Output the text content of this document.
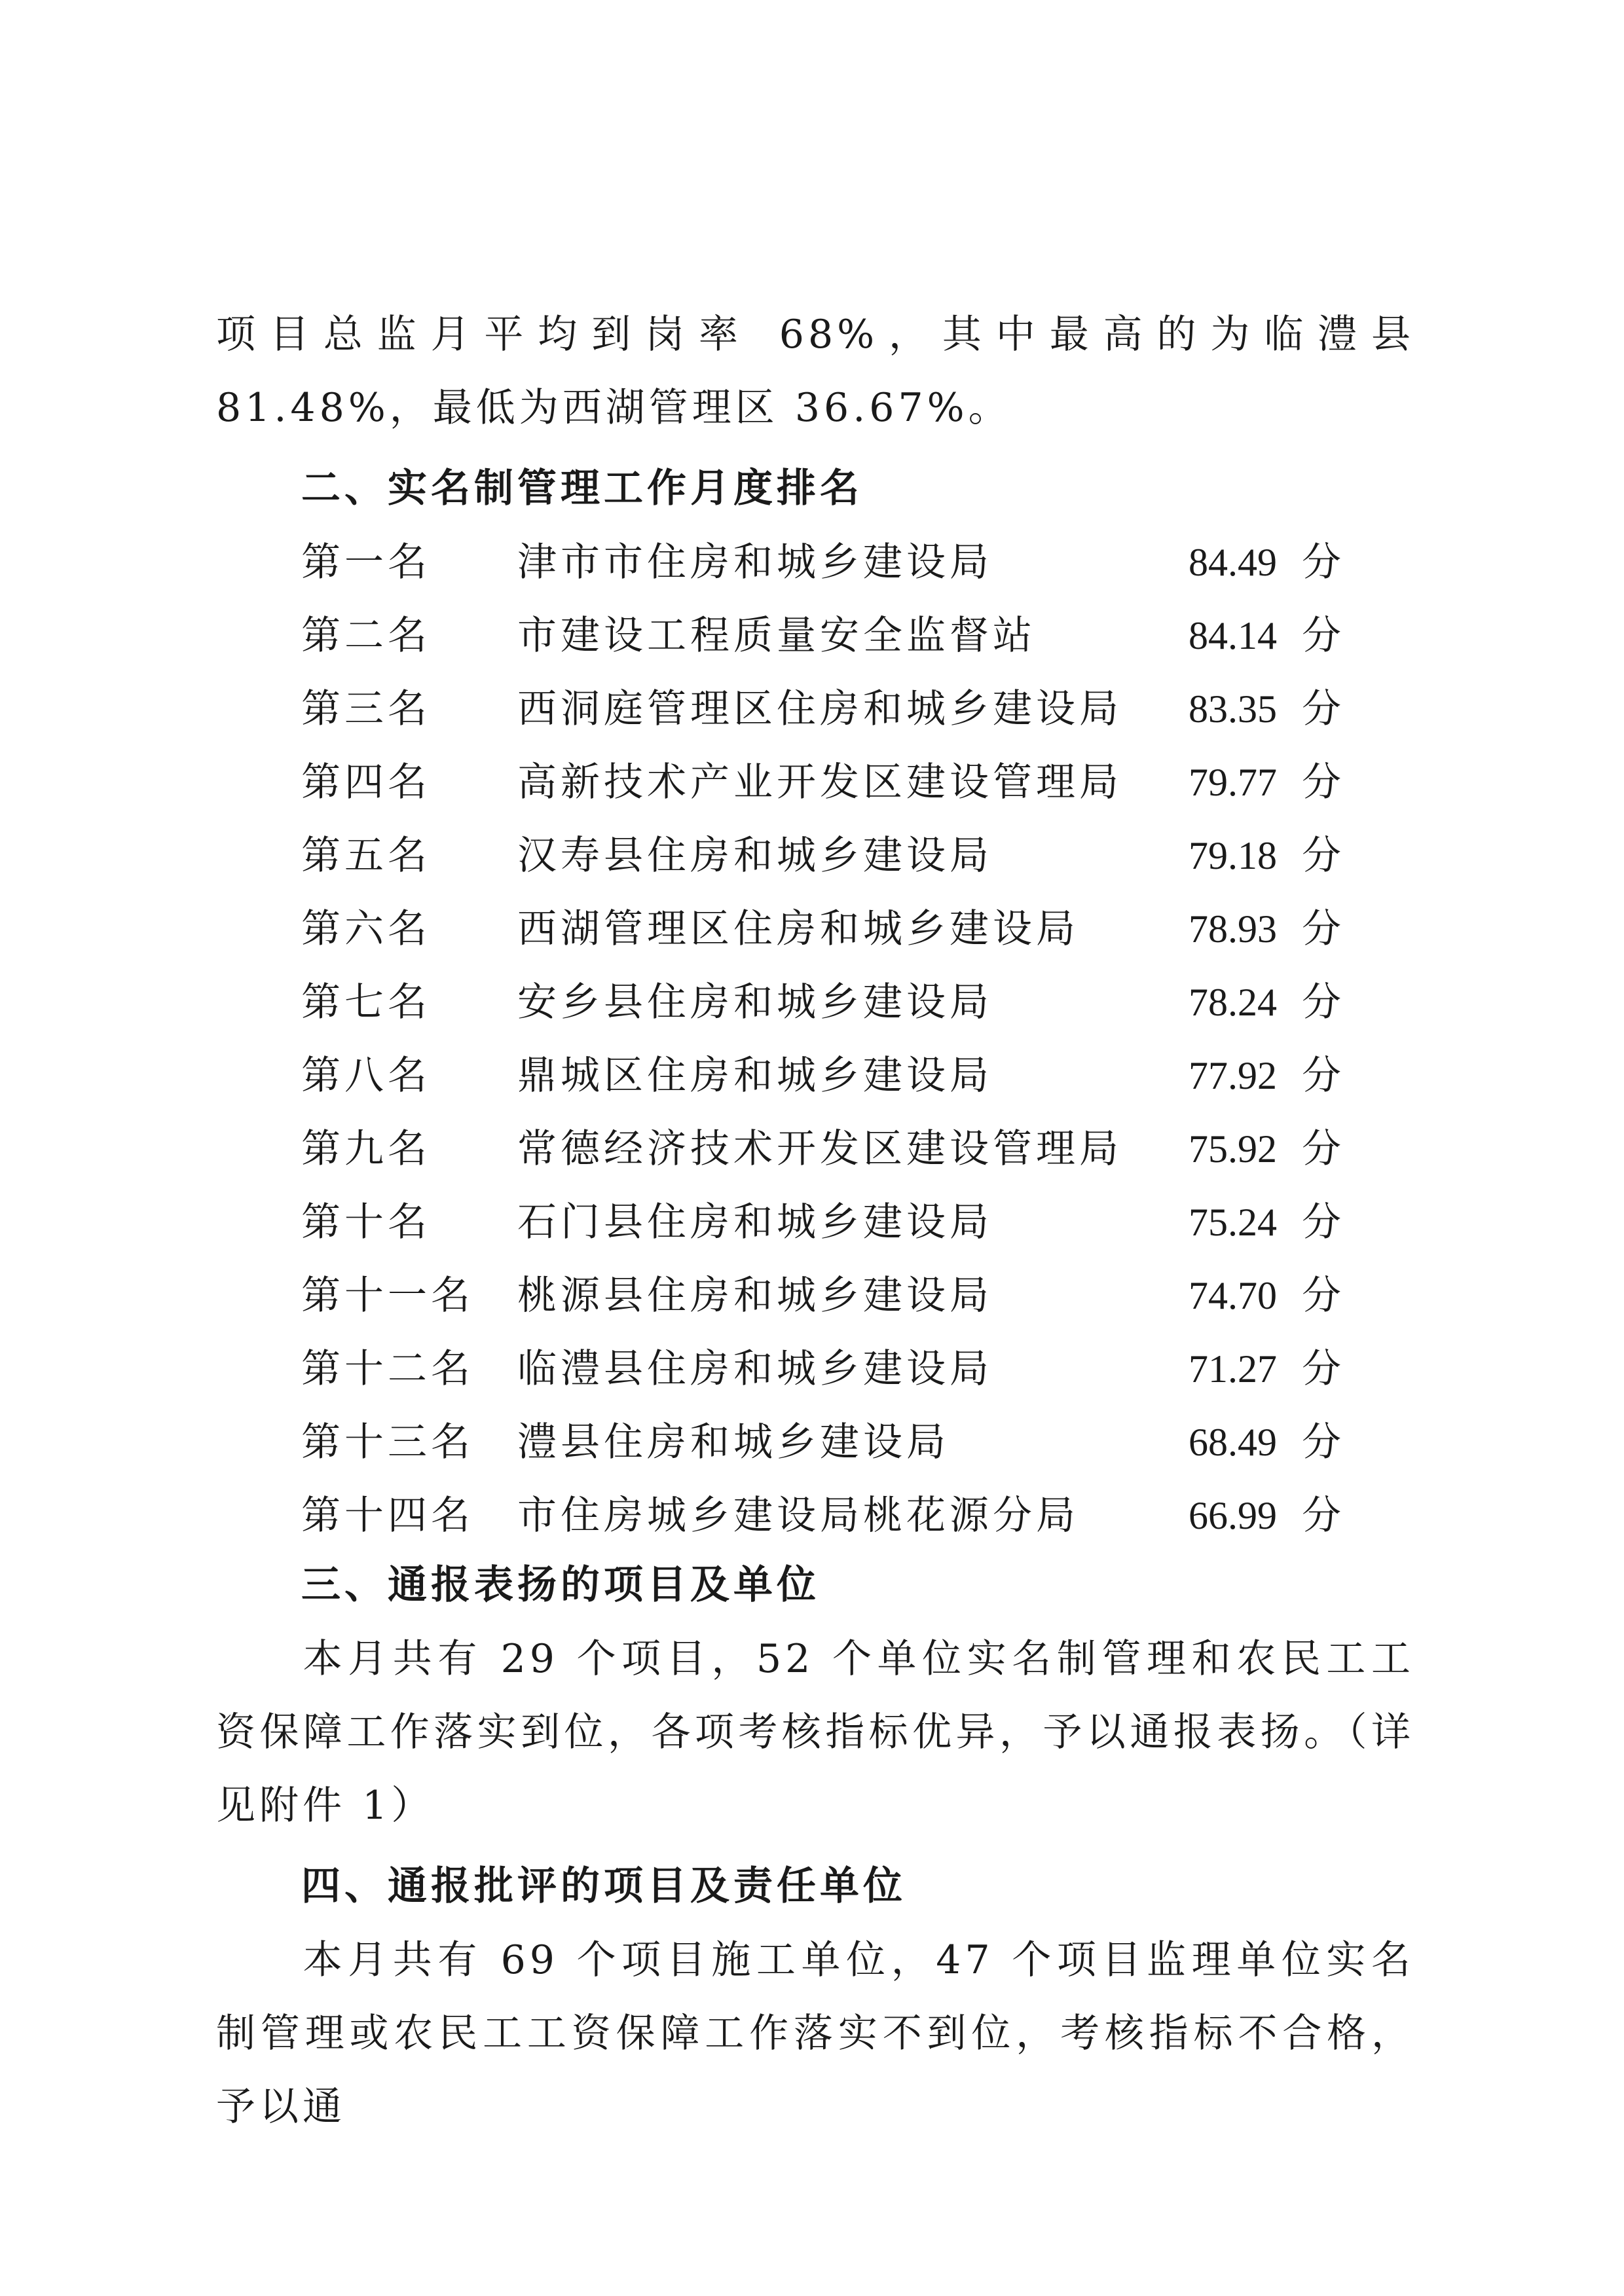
项目总监月平均到岗率 68%，其中最高的为临澧县 81.48%，最低为西湖管理区 36.67%。

二、实名制管理工作月度排名

第一名 津市市住房和城乡建设局	84.49 分
第二名 市建设工程质量安全监督站	84.14 分
第三名 西洞庭管理区住房和城乡建设局 83.35 分
第四名 高新技术产业开发区建设管理局 79.77 分
第五名 汉寿县住房和城乡建设局	79.18 分
第六名 西湖管理区住房和城乡建设局	78.93 分
第七名 安乡县住房和城乡建设局	78.24 分
第八名 鼎城区住房和城乡建设局	77.92 分
第九名 常德经济技术开发区建设管理局 75.92 分
第十名 石门县住房和城乡建设局	75.24 分
第十一名 桃源县住房和城乡建设局	74.70 分
第十二名 临澧县住房和城乡建设局	71.27 分
第十三名 澧县住房和城乡建设局	68.49 分
第十四名 市住房城乡建设局桃花源分局	66.99 分

三、通报表扬的项目及单位

本月共有 29 个项目，52 个单位实名制管理和农民工工资保障工作落实到位，各项考核指标优异，予以通报表扬。（详见附件 1）

四、通报批评的项目及责任单位

本月共有 69 个项目施工单位，47 个项目监理单位实名制管理或农民工工资保障工作落实不到位，考核指标不合格，予以通
